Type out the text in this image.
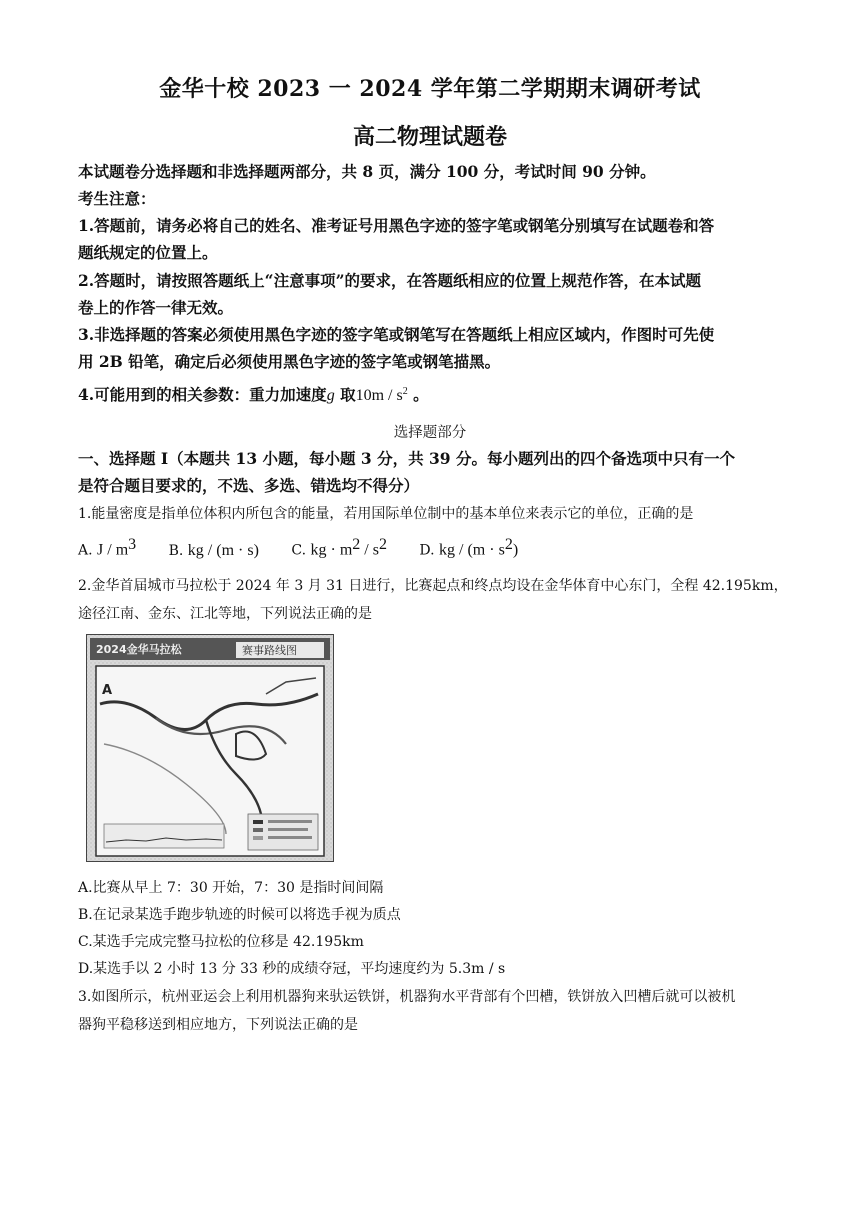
金华十校 2023 一 2024 学年第二学期期末调研考试
高二物理试题卷
本试题卷分选择题和非选择题两部分，共 8 页，满分 100 分，考试时间 90 分钟。
考生注意：
1.答题前，请务必将自己的姓名、准考证号用黑色字迹的签字笔或钢笔分别填写在试题卷和答
题纸规定的位置上。
2.答题时，请按照答题纸上“注意事项”的要求，在答题纸相应的位置上规范作答，在本试题
卷上的作答一律无效。
3.非选择题的答案必须使用黑色字迹的签字笔或钢笔写在答题纸上相应区域内，作图时可先使
用 2B 铅笔，确定后必须使用黑色字迹的签字笔或钢笔描黑。
4.可能用到的相关参数：重力加速度g 取$10m / s^2$ 。
选择题部分
一、选择题 I（本题共 13 小题，每小题 3 分，共 39 分。每小题列出的四个备选项中只有一个
是符合题目要求的，不选、多选、错选均不得分）
1.能量密度是指单位体积内所包含的能量，若用国际单位制中的基本单位来表示它的单位，正确的是
A. J / $m^3$ B. kg / (m · s) C. kg · $m^2 / s^2$ D. kg / $(m \cdot s^2)$
2.金华首届城市马拉松于 2024 年 3 月 31 日进行，比赛起点和终点均设在金华体育中心东门，全程 42.195km，
途径江南、金东、江北等地，下列说法正确的是
2024金华马拉松	赛事路线图
A
A.比赛从早上 7：30 开始，7：30 是指时间间隔
B.在记录某选手跑步轨迹的时候可以将选手视为质点
C.某选手完成完整马拉松的位移是 42.195km
D.某选手以 2 小时 13 分 33 秒的成绩夺冠，平均速度约为 5.3m / s
3.如图所示，杭州亚运会上利用机器狗来驮运铁饼，机器狗水平背部有个凹槽，铁饼放入凹槽后就可以被机
器狗平稳移送到相应地方，下列说法正确的是
